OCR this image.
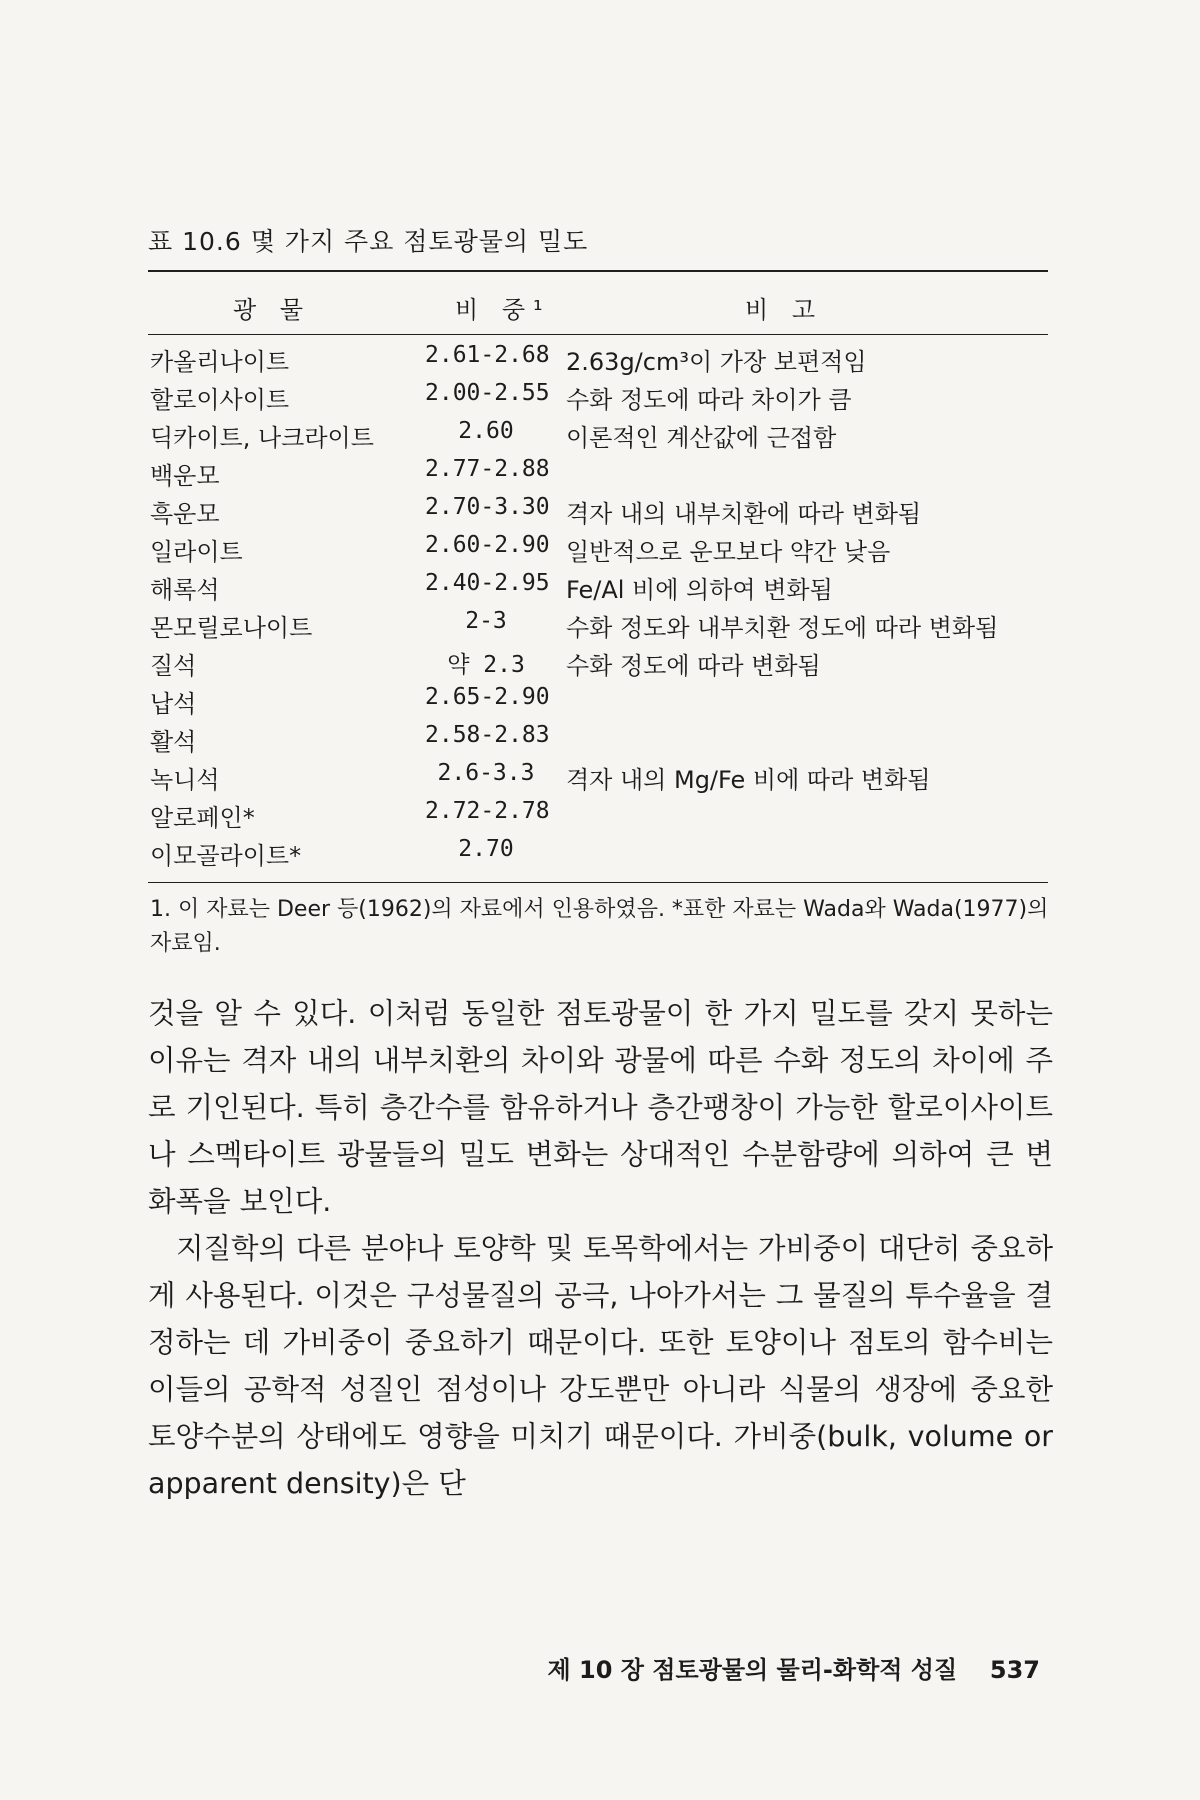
표 10.6 몇 가지 주요 점토광물의 밀도
광 물	비 중¹	비 고
카올리나이트	2.61-2.68 2.63g/cm³이 가장 보편적임
할로이사이트	2.00-2.55 수화 정도에 따라 차이가 큼
딕카이트, 나크라이트	2.60	이론적인 계산값에 근접함
백운모	2.77-2.88
흑운모	2.70-3.30 격자 내의 내부치환에 따라 변화됨
일라이트	2.60-2.90 일반적으로 운모보다 약간 낮음
해록석	2.40-2.95 Fe/Al 비에 의하여 변화됨
몬모릴로나이트	2-3	수화 정도와 내부치환 정도에 따라 변화됨
질석	약 2.3	수화 정도에 따라 변화됨
납석	2.65-2.90
활석	2.58-2.83
녹니석	2.6-3.3	격자 내의 Mg/Fe 비에 따라 변화됨
알로페인*	2.72-2.78
이모골라이트*	2.70
1. 이 자료는 Deer 등(1962)의 자료에서 인용하였음. *표한 자료는 Wada와 Wada(1977)의 자료임.

것을 알 수 있다. 이처럼 동일한 점토광물이 한 가지 밀도를 갖지 못하는 이유는 격자 내의 내부치환의 차이와 광물에 따른 수화 정도의 차이에 주로 기인된다. 특히 층간수를 함유하거나 층간팽창이 가능한 할로이사이트나 스멕타이트 광물들의 밀도 변화는 상대적인 수분함량에 의하여 큰 변화폭을 보인다.

지질학의 다른 분야나 토양학 및 토목학에서는 가비중이 대단히 중요하게 사용된다. 이것은 구성물질의 공극, 나아가서는 그 물질의 투수율을 결정하는 데 가비중이 중요하기 때문이다. 또한 토양이나 점토의 함수비는 이들의 공학적 성질인 점성이나 강도뿐만 아니라 식물의 생장에 중요한 토양수분의 상태에도 영향을 미치기 때문이다. 가비중(bulk, volume or apparent density)은 단

제 10 장 점토광물의 물리-화학적 성질 537
